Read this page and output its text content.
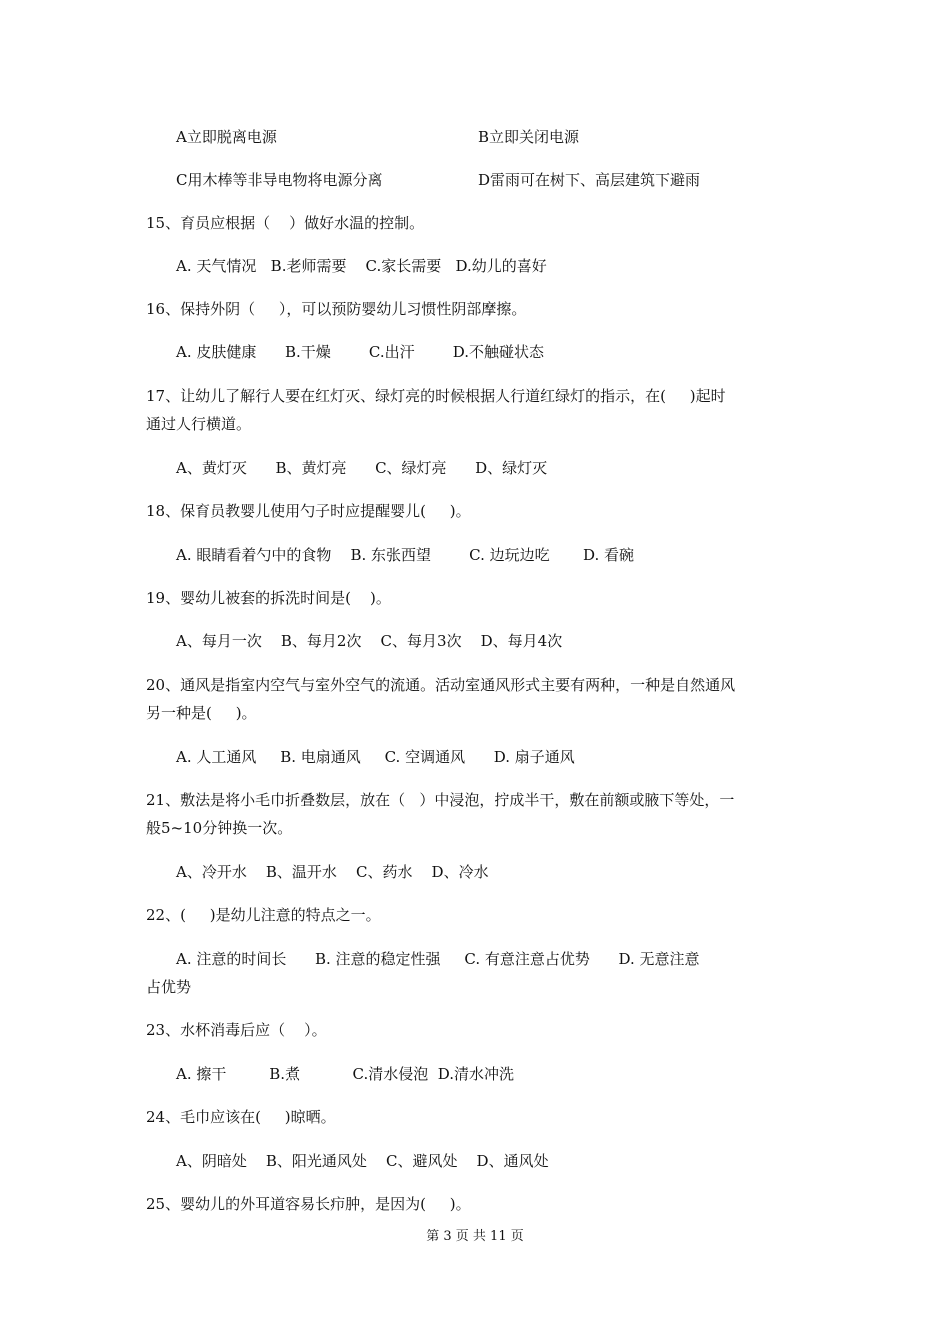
A立即脱离电源	B立即关闭电源
C用木棒等非导电物将电源分离	D雷雨可在树下、高层建筑下避雨
15、育员应根据（    ）做好水温的控制。
A. 天气情况   B.老师需要    C.家长需要   D.幼儿的喜好
16、保持外阴（     ），可以预防婴幼儿习惯性阴部摩擦。
A. 皮肤健康      B.干燥        C.出汗        D.不触碰状态
17、让幼儿了解行人要在红灯灭、绿灯亮的时候根据人行道红绿灯的指示，在(     )起时
通过人行横道。
A、黄灯灭      B、黄灯亮      C、绿灯亮      D、绿灯灭
18、保育员教婴儿使用勺子时应提醒婴儿(     )。
A. 眼睛看着勺中的食物    B. 东张西望        C. 边玩边吃       D. 看碗
19、婴幼儿被套的拆洗时间是(    )。
A、每月一次    B、每月2次    C、每月3次    D、每月4次
20、通风是指室内空气与室外空气的流通。活动室通风形式主要有两种，一种是自然通风
另一种是(     )。
A. 人工通风     B. 电扇通风     C. 空调通风      D. 扇子通风
21、敷法是将小毛巾折叠数层，放在（   ）中浸泡，拧成半干，敷在前额或腋下等处，一
般5~10分钟换一次。
A、冷开水    B、温开水    C、药水    D、冷水
22、(     )是幼儿注意的特点之一。
A. 注意的时间长      B. 注意的稳定性强     C. 有意注意占优势      D. 无意注意
占优势
23、水杯消毒后应（    ）。
A. 擦干         B.煮           C.清水侵泡  D.清水冲洗
24、毛巾应该在(     )晾晒。
A、阴暗处    B、阳光通风处    C、避风处    D、通风处
25、婴幼儿的外耳道容易长疖肿，是因为(     )。
第 3 页 共 11 页
